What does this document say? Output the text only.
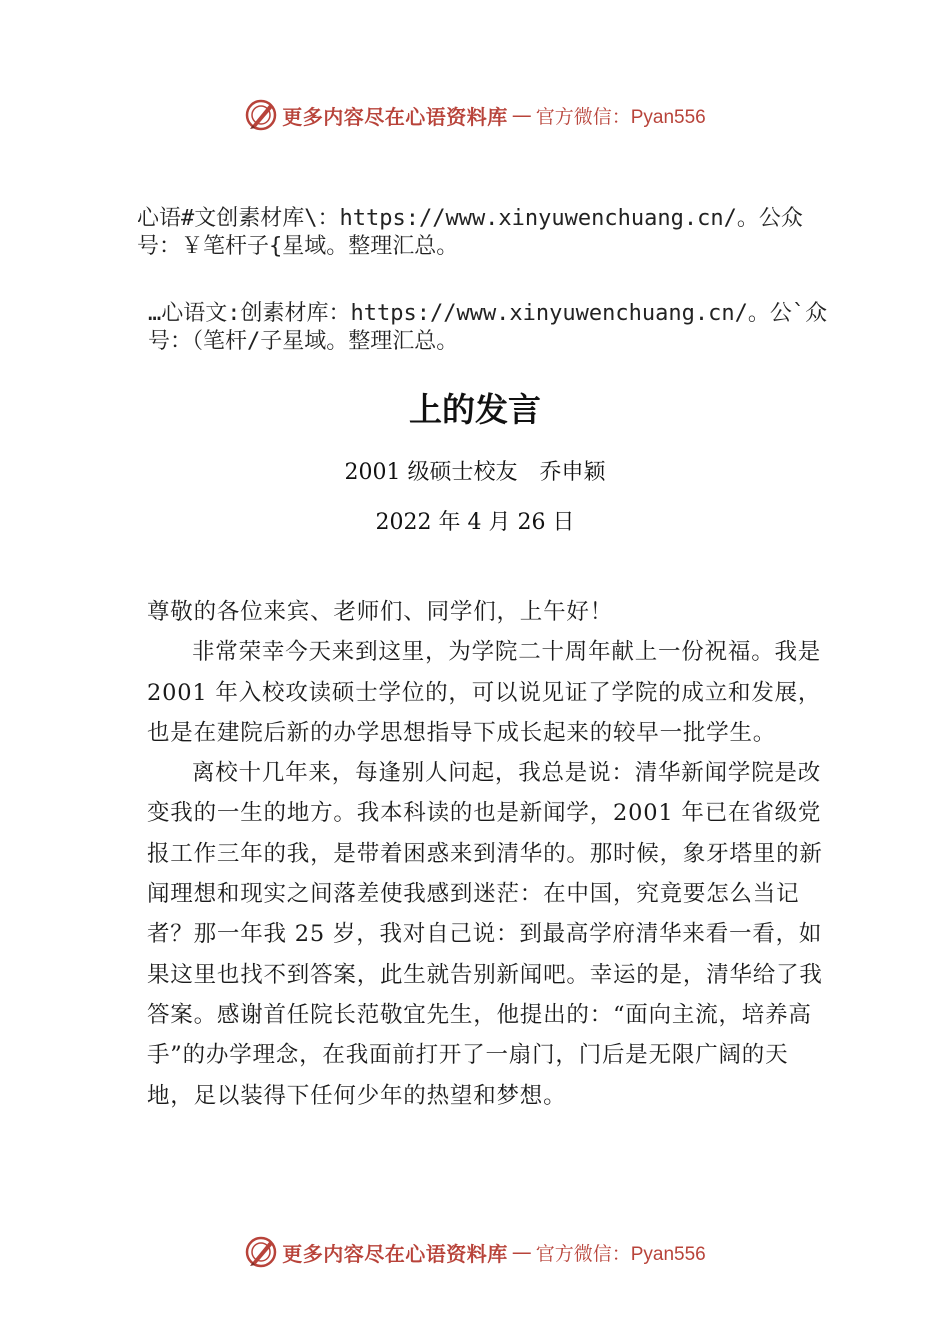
更多内容尽在心语资料库 — 官方微信：Pyan556
心语#文创素材库\：https://www.xinyuwenchuang.cn/。公众号：￥笔杆子{星域。整理汇总。
…心语文:创素材库：https://www.xinyuwenchuang.cn/。公`众号：（笔杆/子星域。整理汇总。
上的发言
2001 级硕士校友　乔申颖
2022 年 4 月 26 日

尊敬的各位来宾、老师们、同学们，上午好！

非常荣幸今天来到这里，为学院二十周年献上一份祝福。我是 2001 年入校攻读硕士学位的，可以说见证了学院的成立和发展，也是在建院后新的办学思想指导下成长起来的较早一批学生。

离校十几年来，每逢别人问起，我总是说：清华新闻学院是改变我的一生的地方。我本科读的也是新闻学，2001 年已在省级党报工作三年的我，是带着困惑来到清华的。那时候，象牙塔里的新闻理想和现实之间落差使我感到迷茫：在中国，究竟要怎么当记者？那一年我 25 岁，我对自己说：到最高学府清华来看一看，如果这里也找不到答案，此生就告别新闻吧。幸运的是，清华给了我答案。感谢首任院长范敬宜先生，他提出的：“面向主流，培养高手”的办学理念，在我面前打开了一扇门，门后是无限广阔的天地，足以装得下任何少年的热望和梦想。

更多内容尽在心语资料库 — 官方微信：Pyan556
